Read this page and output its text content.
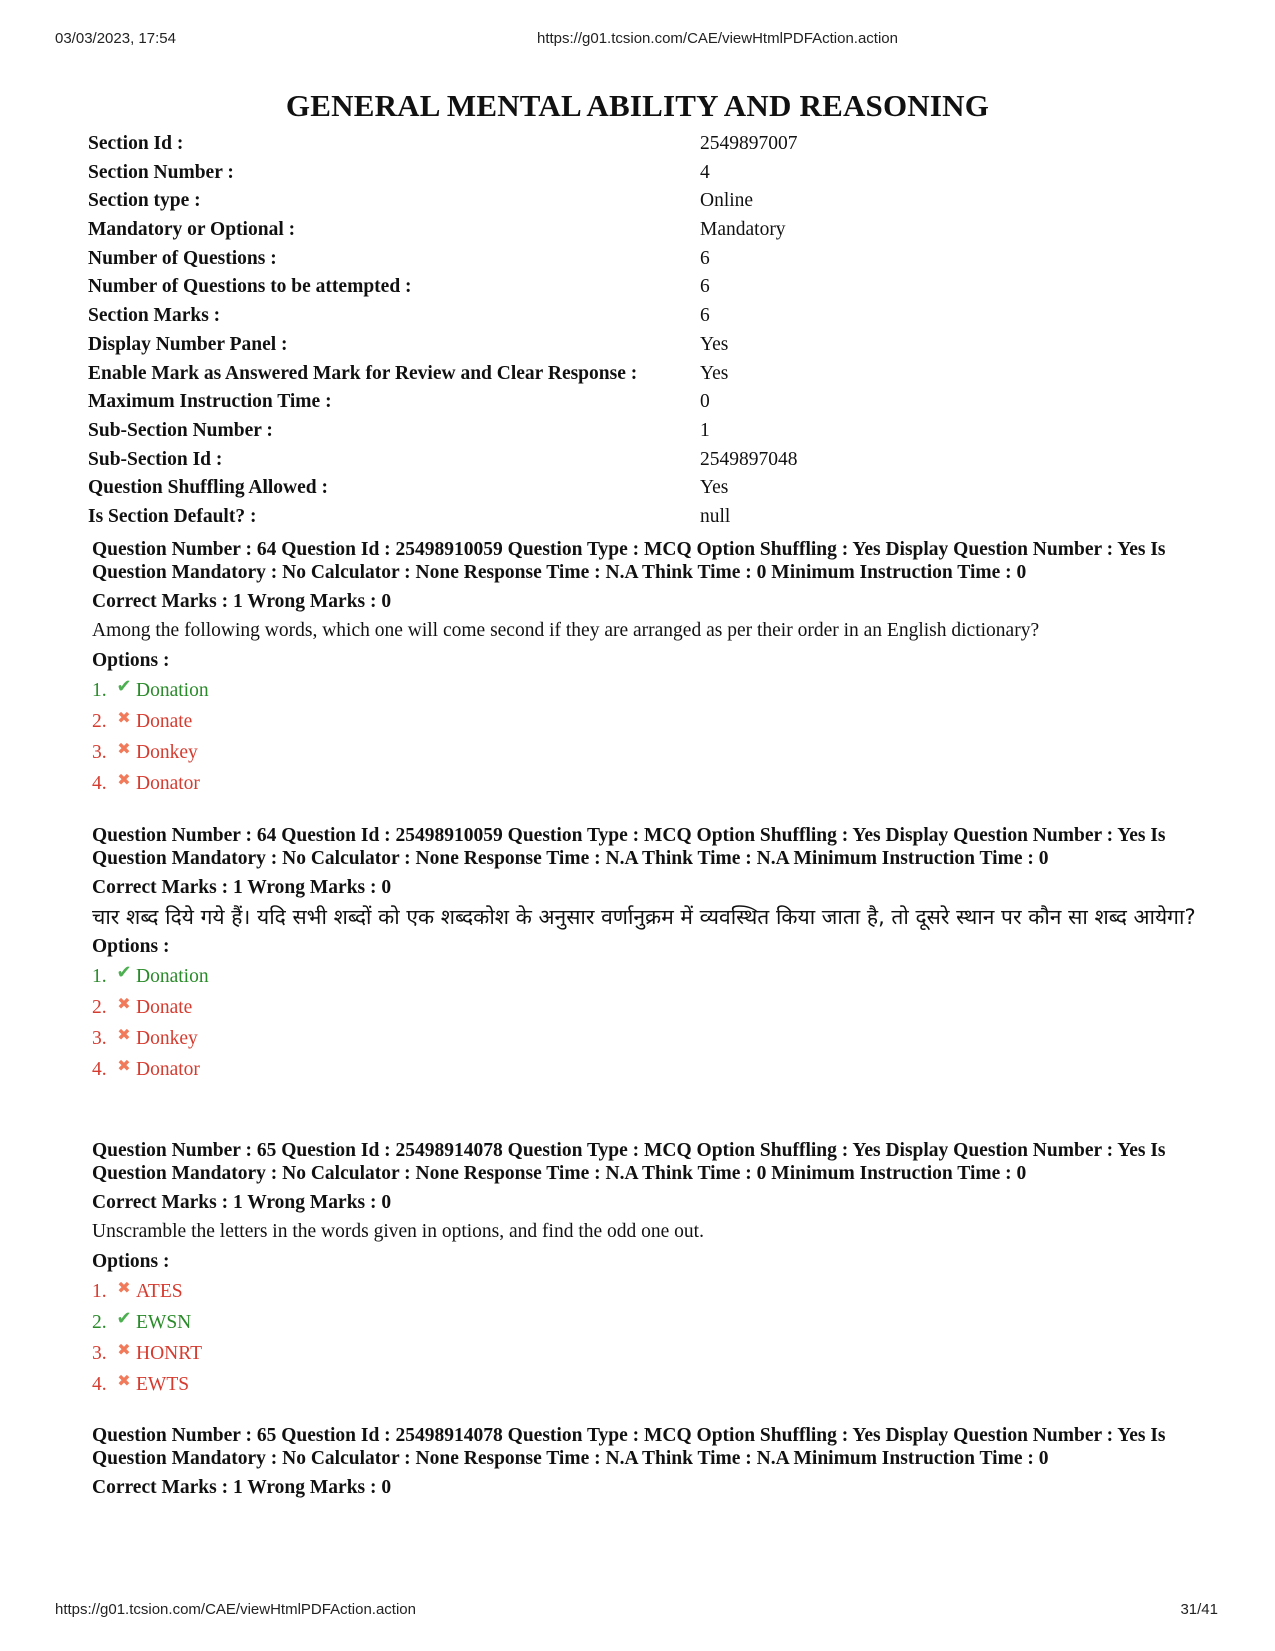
03/03/2023, 17:54	https://g01.tcsion.com/CAE/viewHtmlPDFAction.action
GENERAL MENTAL ABILITY AND REASONING
Section Id :	2549897007
Section Number :	4
Section type :	Online
Mandatory or Optional :	Mandatory
Number of Questions :	6
Number of Questions to be attempted :	6
Section Marks :	6
Display Number Panel :	Yes
Enable Mark as Answered Mark for Review and Clear Response :	Yes
Maximum Instruction Time :	0
Sub-Section Number :	1
Sub-Section Id :	2549897048
Question Shuffling Allowed :	Yes
Is Section Default? :	null
Question Number : 64 Question Id : 25498910059 Question Type : MCQ Option Shuffling : Yes Display Question Number : Yes Is Question Mandatory : No Calculator : None Response Time : N.A Think Time : 0 Minimum Instruction Time : 0
Correct Marks : 1 Wrong Marks : 0
Among the following words, which one will come second if they are arranged as per their order in an English dictionary?
Options :
1. ✔ Donation
2. ✖ Donate
3. ✖ Donkey
4. ✖ Donator
Question Number : 64 Question Id : 25498910059 Question Type : MCQ Option Shuffling : Yes Display Question Number : Yes Is Question Mandatory : No Calculator : None Response Time : N.A Think Time : N.A Minimum Instruction Time : 0
Correct Marks : 1 Wrong Marks : 0
चार शब्द दिये गये हैं। यदि सभी शब्दों को एक शब्दकोश के अनुसार वर्णानुक्रम में व्यवस्थित किया जाता है, तो दूसरे स्थान पर कौन सा शब्द आयेगा?
Options :
1. ✔ Donation
2. ✖ Donate
3. ✖ Donkey
4. ✖ Donator
Question Number : 65 Question Id : 25498914078 Question Type : MCQ Option Shuffling : Yes Display Question Number : Yes Is Question Mandatory : No Calculator : None Response Time : N.A Think Time : 0 Minimum Instruction Time : 0
Correct Marks : 1 Wrong Marks : 0
Unscramble the letters in the words given in options, and find the odd one out.
Options :
1. ✖ ATES
2. ✔ EWSN
3. ✖ HONRT
4. ✖ EWTS
Question Number : 65 Question Id : 25498914078 Question Type : MCQ Option Shuffling : Yes Display Question Number : Yes Is Question Mandatory : No Calculator : None Response Time : N.A Think Time : N.A Minimum Instruction Time : 0
Correct Marks : 1 Wrong Marks : 0
https://g01.tcsion.com/CAE/viewHtmlPDFAction.action	31/41
